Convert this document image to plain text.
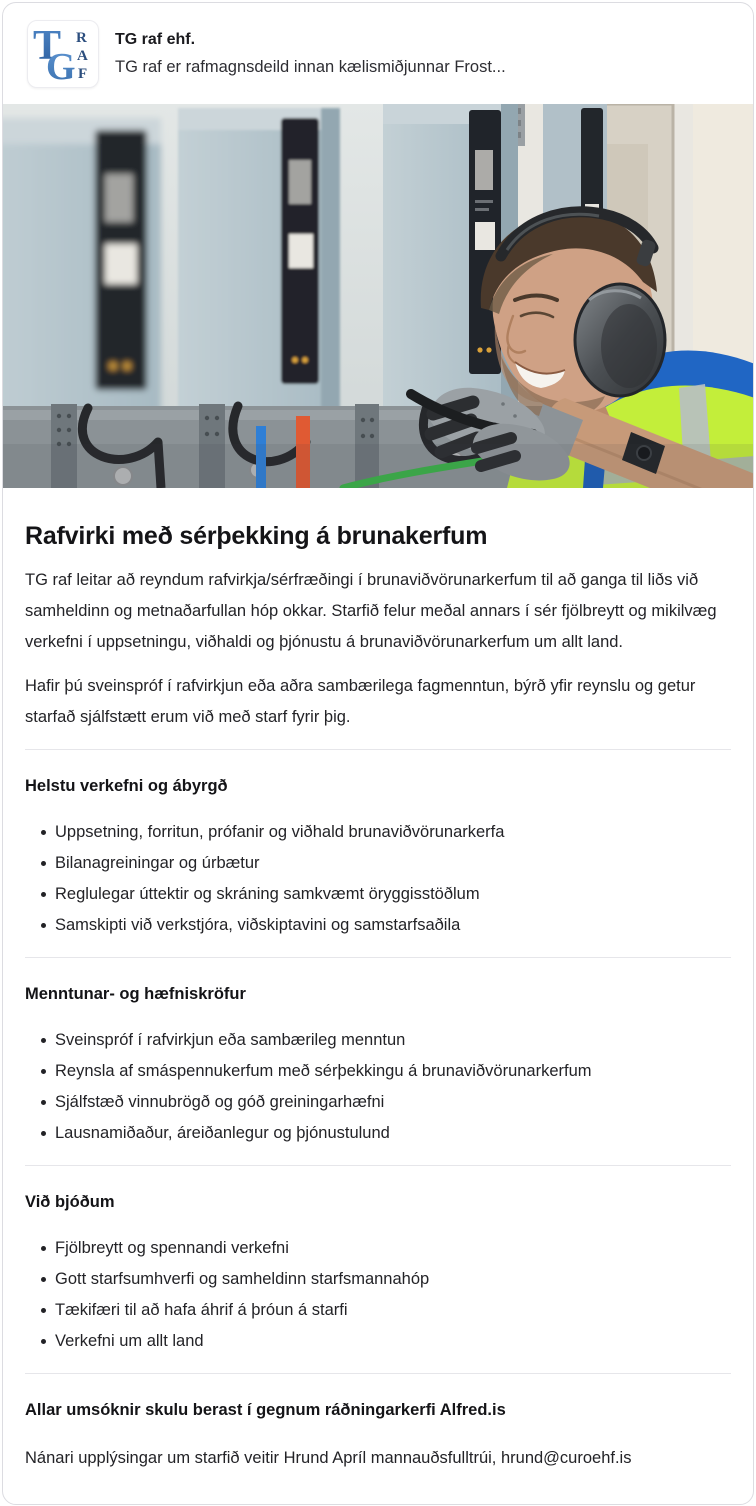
T
G
R
A
F
TG raf ehf.
TG raf er rafmagnsdeild innan kælismiðjunnar Frost...
Rafvirki með sérþekking á brunakerfum

TG raf leitar að reyndum rafvirkja/sérfræðingi í brunaviðvörunarkerfum til að ganga til liðs við samheldinn og metnaðarfullan hóp okkar. Starfið felur meðal annars í sér fjölbreytt og mikilvæg verkefni í uppsetningu, viðhaldi og þjónustu á brunaviðvörunarkerfum um allt land.

Hafir þú sveinspróf í rafvirkjun eða aðra sambærilega fagmenntun, býrð yfir reynslu og getur starfað sjálfstætt erum við með starf fyrir þig.

Helstu verkefni og ábyrgð
Uppsetning, forritun, prófanir og viðhald brunaviðvörunarkerfa
Bilanagreiningar og úrbætur
Reglulegar úttektir og skráning samkvæmt öryggisstöðlum
Samskipti við verkstjóra, viðskiptavini og samstarfsaðila
Menntunar- og hæfniskröfur
Sveinspróf í rafvirkjun eða sambærileg menntun
Reynsla af smáspennukerfum með sérþekkingu á brunaviðvörunarkerfum
Sjálfstæð vinnubrögð og góð greiningarhæfni
Lausnamiðaður, áreiðanlegur og þjónustulund
Við bjóðum
Fjölbreytt og spennandi verkefni
Gott starfsumhverfi og samheldinn starfsmannahóp
Tækifæri til að hafa áhrif á þróun á starfi
Verkefni um allt land
Allar umsóknir skulu berast í gegnum ráðningarkerfi Alfred.is

Nánari upplýsingar um starfið veitir Hrund Apríl mannauðsfulltrúi, hrund@curoehf.is
